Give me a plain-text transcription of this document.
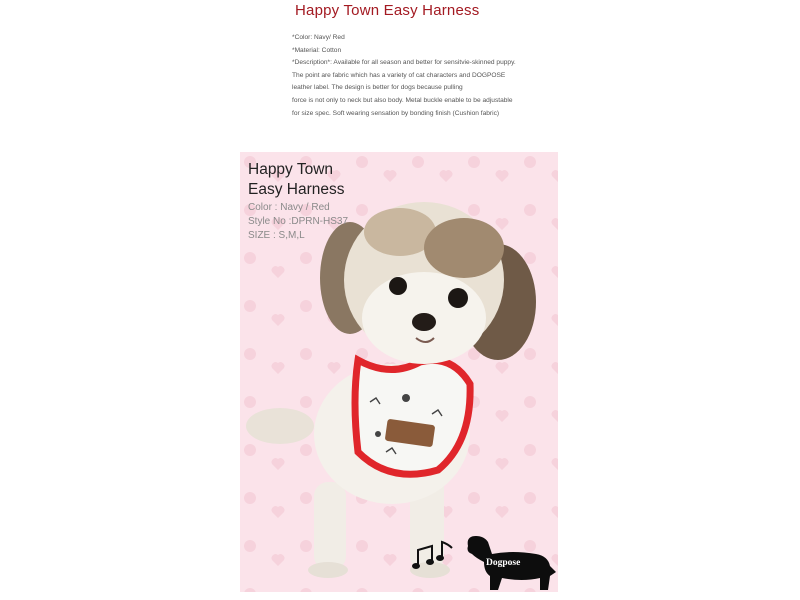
Happy Town Easy Harness
*Color: Navy/ Red
*Material: Cotton
*Description*: Available for all season and better for sensitvie-skinned puppy.
The point are fabric which has a variety of cat characters and DOGPOSE
leather label. The design is better for dogs because pulling
force is not only to neck but also body. Metal buckle enable to be adjustable
for size spec. Soft wearing sensation by bonding finish (Cushion fabric)
Happy Town
Easy Harness
Color : Navy / Red
Style No :DPRN-HS37
SIZE : S,M,L
Dogpose
